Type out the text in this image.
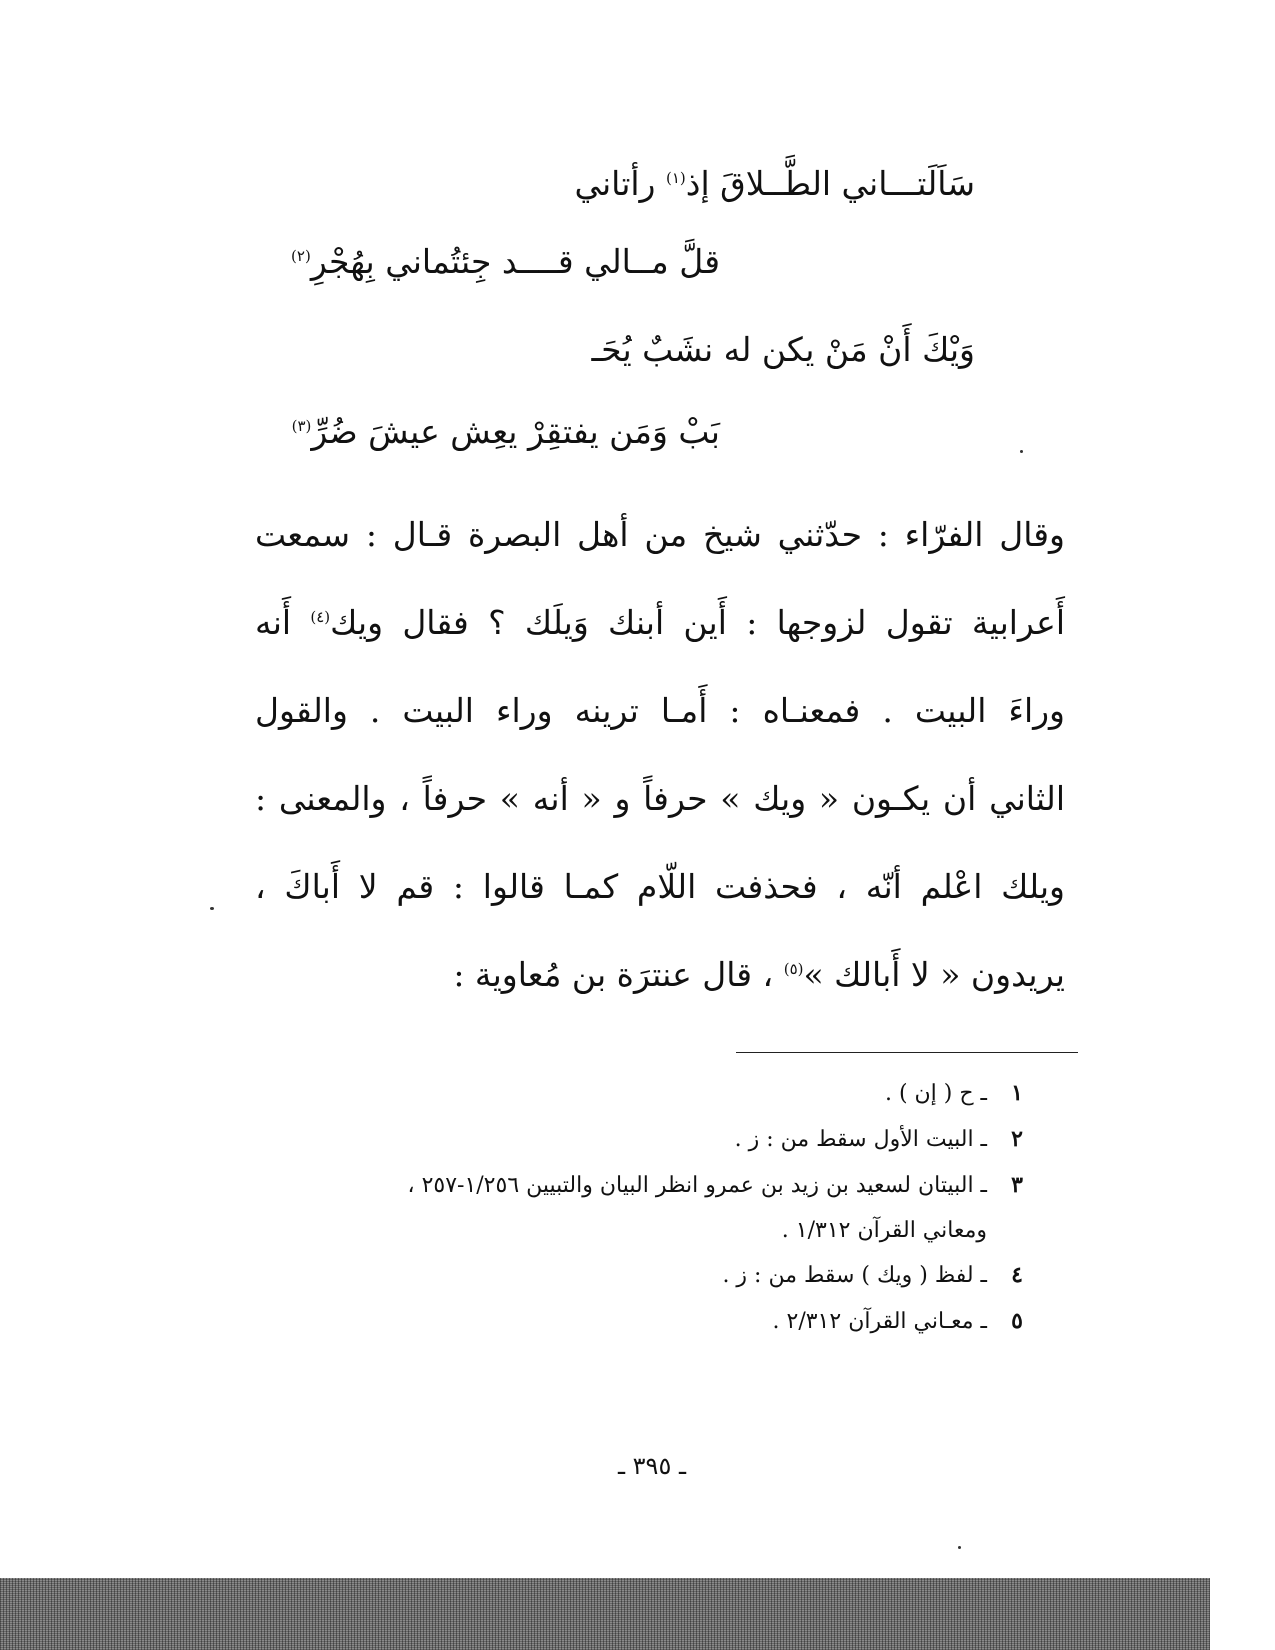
سَاَلَتـــاني الطَّــلاقَ إذ$^{(١)}$ رأتاني
قلَّ مــالي قــــد جِئتُماني بِهُجْرِ$^{(٢)}$
وَيْكَ أَنْ مَنْ يكن له نشَبٌ يُحَـ
بَبْ وَمَن يفتقِرْ يعِش عيشَ ضُرِّ$^{(٣)}$
وقال الفرّاء : حدّثني شيخ من أهل البصرة قـال : سمعت
أَعرابية تقول لزوجها : أَين أبنك وَيلَك ؟ فقال ويك$^{(٤)}$ أَنه
وراءَ البيت . فمعنـاه : أَمـا ترينه وراء البيت . والقول
الثاني أن يكـون « ويك » حرفاً و « أنه » حرفاً ، والمعنى :
ويلك اعْلم أنّه ، فحذفت اللّام كمـا قالوا : قم لا أَباكَ ،
يريدون « لا أَبالك »$^{(٥)}$ ، قال عنترَة بن مُعاوية :
١
ـ ح ( إن ) .
٢
ـ البيت الأول سقط من : ز .
٣
ـ البيتان لسعيد بن زيد بن عمرو انظر البيان والتبيين ١/٢٥٦-٢٥٧ ،
ومعاني القرآن ١/٣١٢ .
٤
ـ لفظ ( ويك ) سقط من : ز .
٥
ـ معـاني القرآن ٢/٣١٢ .
ـ ٣٩٥ ـ
